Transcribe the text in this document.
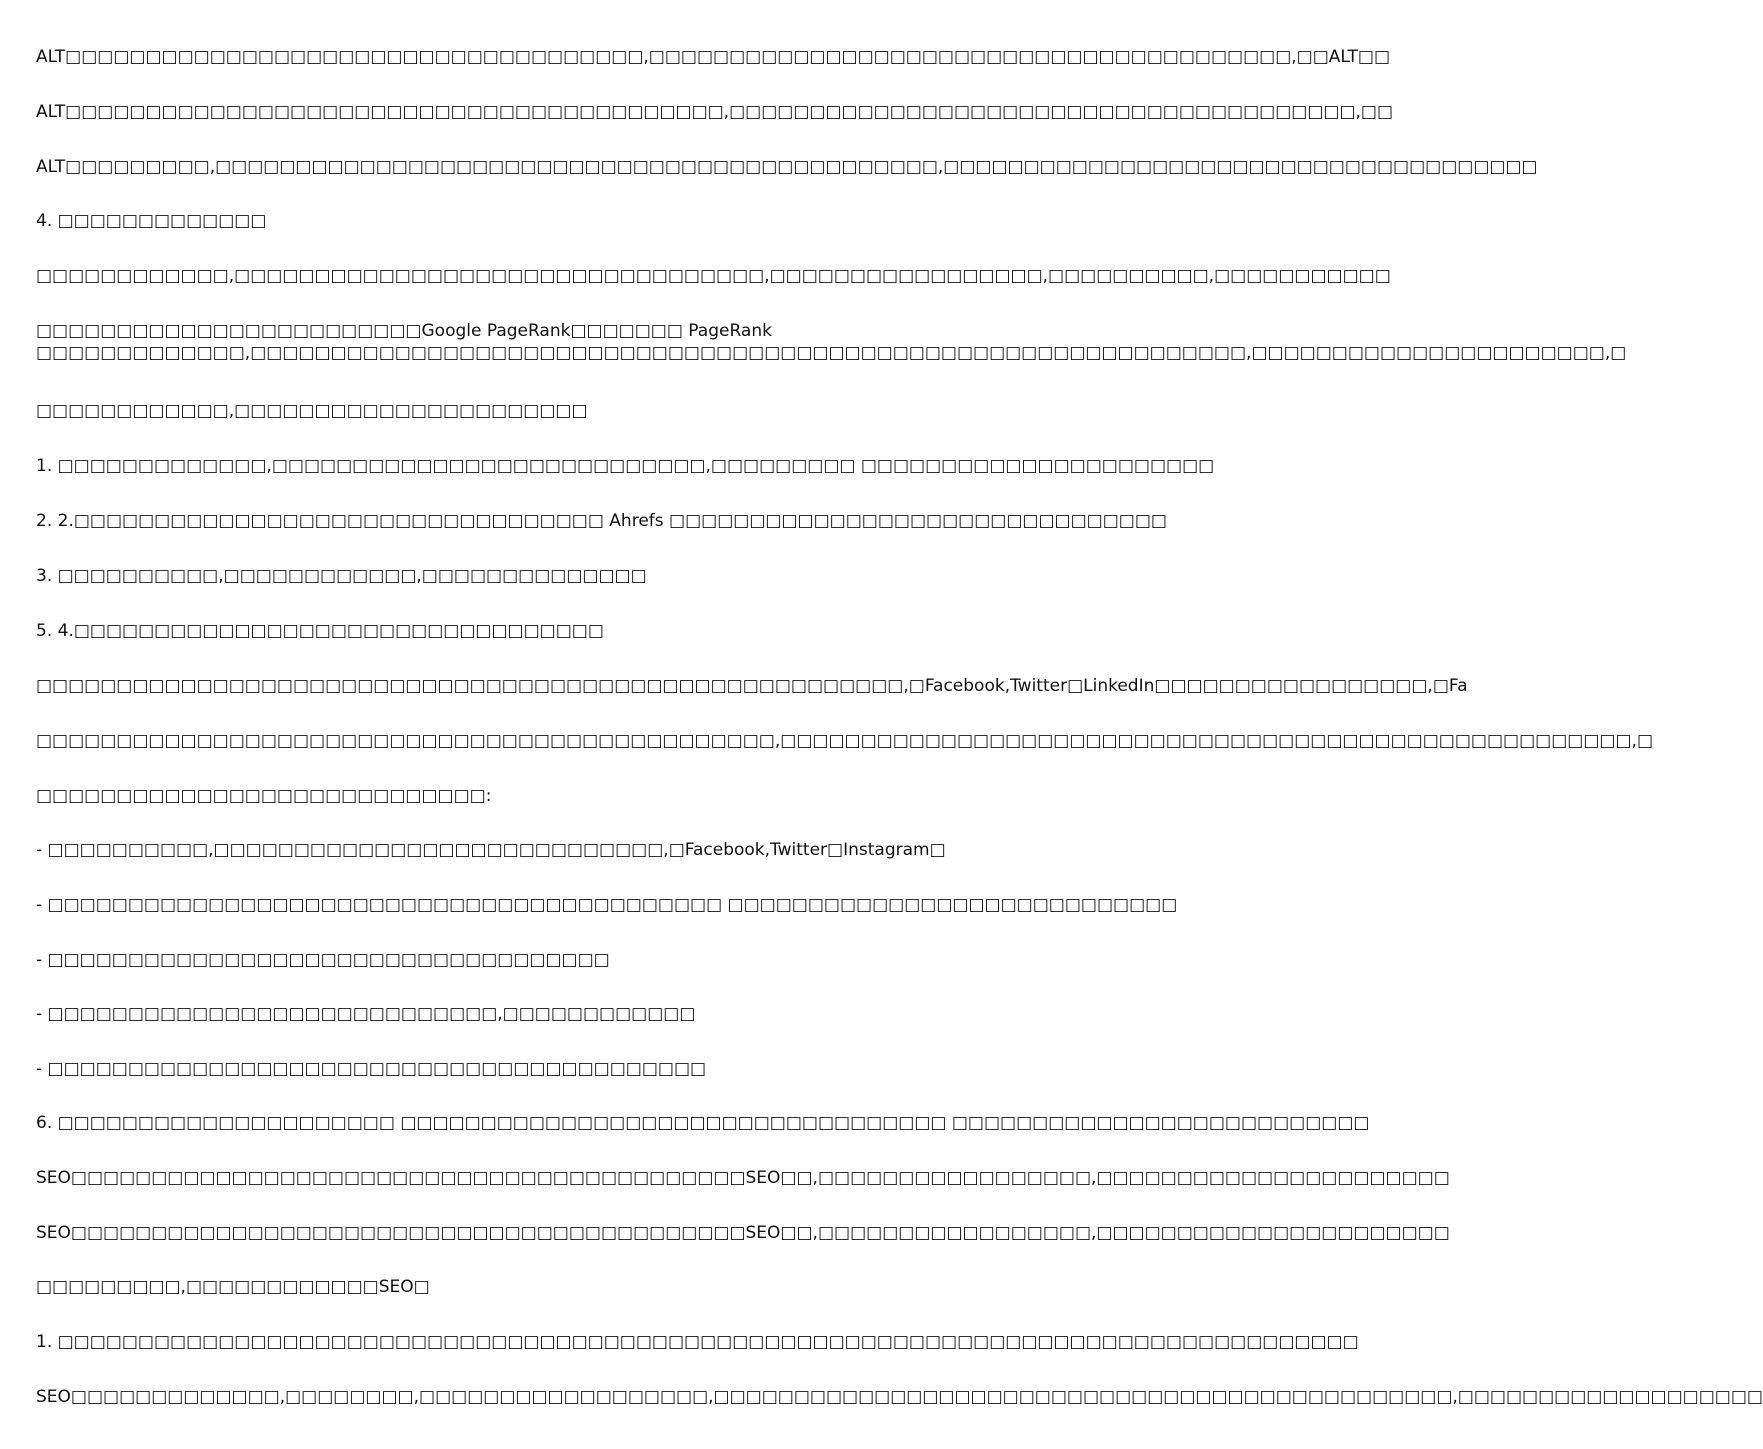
ALT□□□□□□□□□□□□□□□□□□□□□□□□□□□□□□□□□□□□,□□□□□□□□□□□□□□□□□□□□□□□□□□□□□□□□□□□□□□□□,□□ALT□□
ALT□□□□□□□□□□□□□□□□□□□□□□□□□□□□□□□□□□□□□□□□□,□□□□□□□□□□□□□□□□□□□□□□□□□□□□□□□□□□□□□□□,□□
ALT□□□□□□□□□,□□□□□□□□□□□□□□□□□□□□□□□□□□□□□□□□□□□□□□□□□□□□□,□□□□□□□□□□□□□□□□□□□□□□□□□□□□□□□□□□□□□
4. □□□□□□□□□□□□□
□□□□□□□□□□□□,□□□□□□□□□□□□□□□□□□□□□□□□□□□□□□□□□,□□□□□□□□□□□□□□□□□,□□□□□□□□□□,□□□□□□□□□□□
□□□□□□□□□□□□□□□□□□□□□□□□Google PageRank□□□□□□□ PageRank
□□□□□□□□□□□□□,□□□□□□□□□□□□□□□□□□□□□□□□□□□□□□□□□□□□□□□□□□□□□□□□□□□□□□□□□□□□□□,□□□□□□□□□□□□□□□□□□□□□□,□
□□□□□□□□□□□□,□□□□□□□□□□□□□□□□□□□□□□
1. □□□□□□□□□□□□□,□□□□□□□□□□□□□□□□□□□□□□□□□□□,□□□□□□□□□ □□□□□□□□□□□□□□□□□□□□□□
2. 2.□□□□□□□□□□□□□□□□□□□□□□□□□□□□□□□□□ Ahrefs □□□□□□□□□□□□□□□□□□□□□□□□□□□□□□□
3. □□□□□□□□□□,□□□□□□□□□□□□,□□□□□□□□□□□□□□
5. 4.□□□□□□□□□□□□□□□□□□□□□□□□□□□□□□□□□
□□□□□□□□□□□□□□□□□□□□□□□□□□□□□□□□□□□□□□□□□□□□□□□□□□□□□□,□Facebook,Twitter□LinkedIn□□□□□□□□□□□□□□□□□,□Fa
□□□□□□□□□□□□□□□□□□□□□□□□□□□□□□□□□□□□□□□□□□□□□□,□□□□□□□□□□□□□□□□□□□□□□□□□□□□□□□□□□□□□□□□□□□□□□□□□□□□□,□
□□□□□□□□□□□□□□□□□□□□□□□□□□□□:
- □□□□□□□□□□,□□□□□□□□□□□□□□□□□□□□□□□□□□□□,□Facebook,Twitter□Instagram□
- □□□□□□□□□□□□□□□□□□□□□□□□□□□□□□□□□□□□□□□□□□ □□□□□□□□□□□□□□□□□□□□□□□□□□□□
- □□□□□□□□□□□□□□□□□□□□□□□□□□□□□□□□□□□
- □□□□□□□□□□□□□□□□□□□□□□□□□□□□,□□□□□□□□□□□□
- □□□□□□□□□□□□□□□□□□□□□□□□□□□□□□□□□□□□□□□□□
6. □□□□□□□□□□□□□□□□□□□□□ □□□□□□□□□□□□□□□□□□□□□□□□□□□□□□□□□□ □□□□□□□□□□□□□□□□□□□□□□□□□□
SEO□□□□□□□□□□□□□□□□□□□□□□□□□□□□□□□□□□□□□□□□□□SEO□□,□□□□□□□□□□□□□□□□□,□□□□□□□□□□□□□□□□□□□□□□
SEO□□□□□□□□□□□□□□□□□□□□□□□□□□□□□□□□□□□□□□□□□□SEO□□,□□□□□□□□□□□□□□□□□,□□□□□□□□□□□□□□□□□□□□□□
□□□□□□□□□,□□□□□□□□□□□□SEO□
1. □□□□□□□□□□□□□□□□□□□□□□□□□□□□□□□□□□□□□□□□□□□□□□□□□□□□□□□□□□□□□□□□□□□□□□□□□□□□□□□□□
SEO□□□□□□□□□□□□□,□□□□□□□□,□□□□□□□□□□□□□□□□□□,□□□□□□□□□□□□□□□□□□□□□□□□□□□□□□□□□□□□□□□□□□□□□□,□□□□□□□□□□□□□□□□□□□
